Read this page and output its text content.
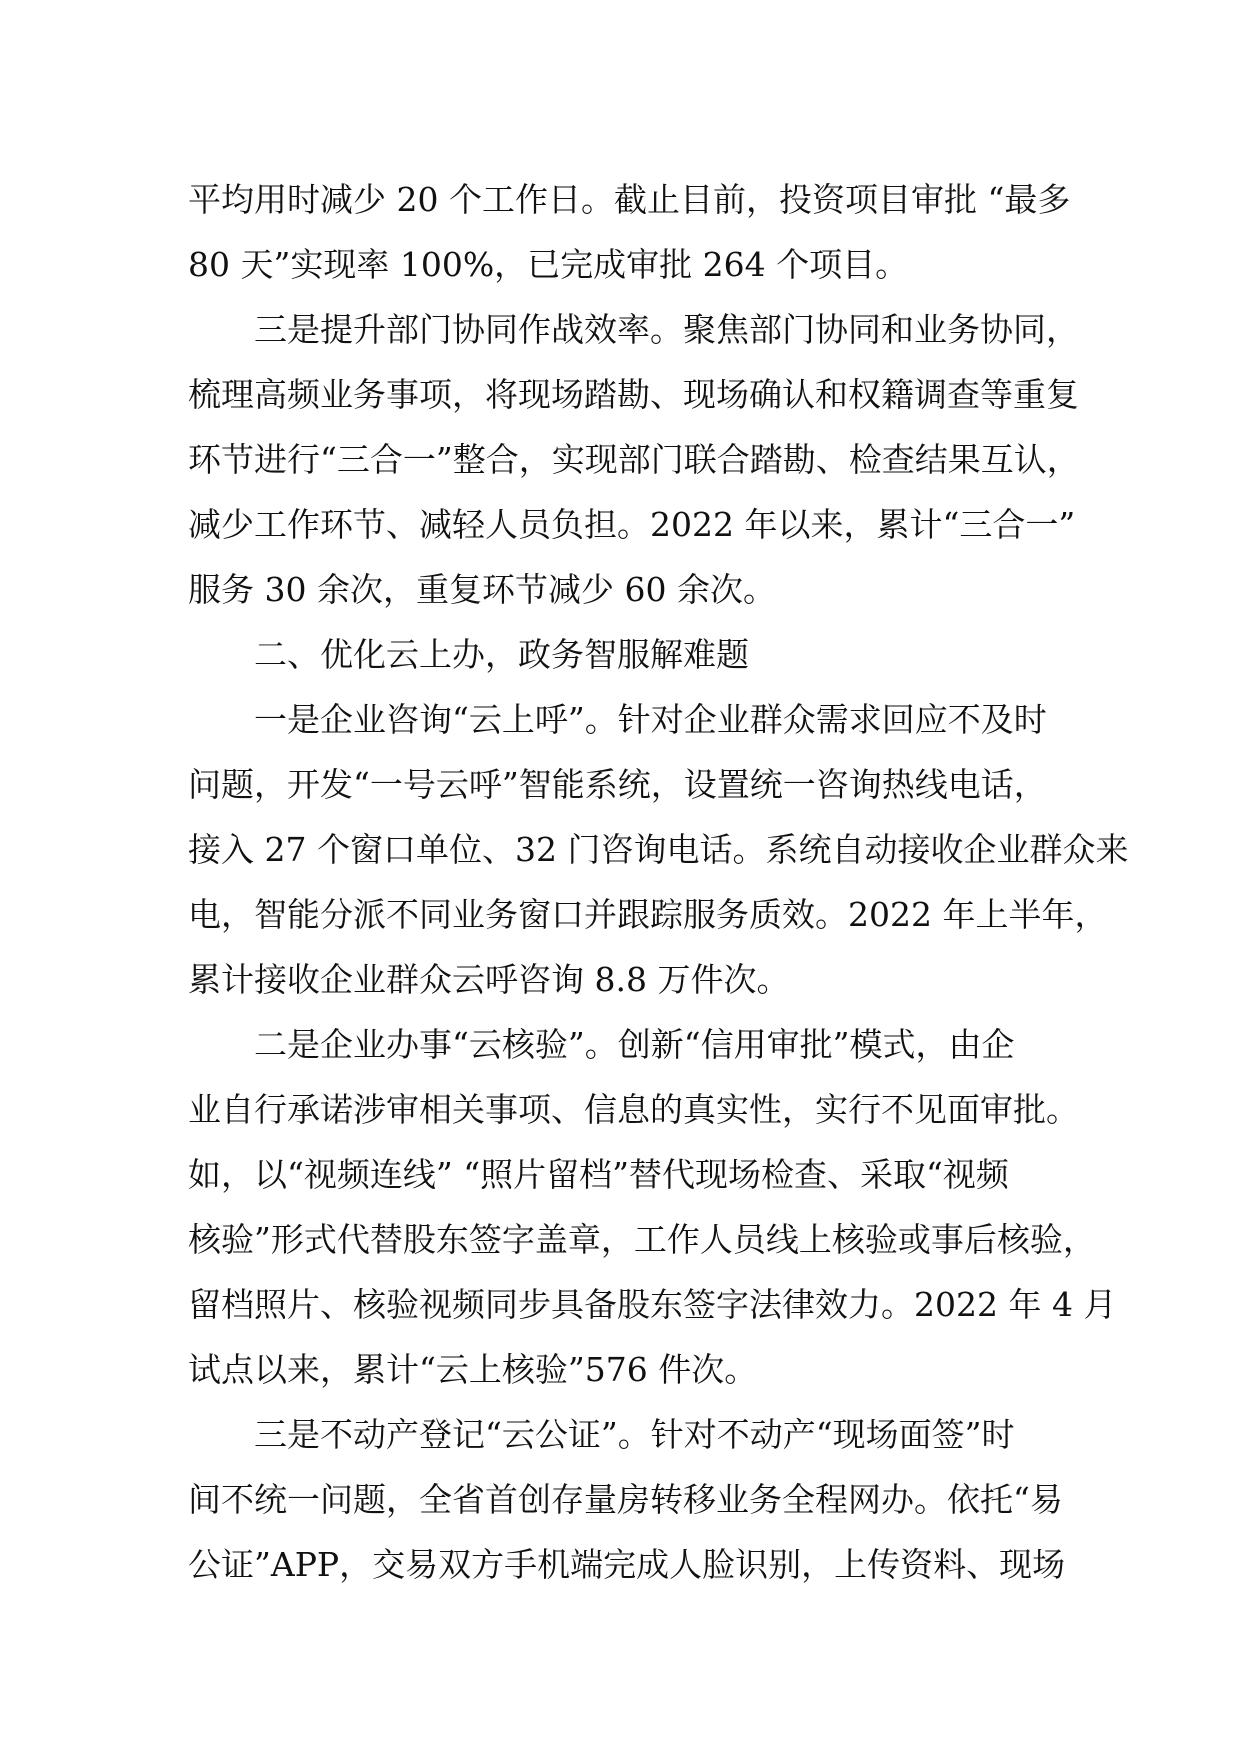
平均用时减少 20 个工作日。截止目前，投资项目审批 “最多
80 天”实现率 100%，已完成审批 264 个项目。
三是提升部门协同作战效率。聚焦部门协同和业务协同，
梳理高频业务事项，将现场踏勘、现场确认和权籍调查等重复
环节进行“三合一”整合，实现部门联合踏勘、检查结果互认，
减少工作环节、减轻人员负担。2022 年以来，累计“三合一”
服务 30 余次，重复环节减少 60 余次。
二、优化云上办，政务智服解难题
一是企业咨询“云上呼”。针对企业群众需求回应不及时
问题，开发“一号云呼”智能系统，设置统一咨询热线电话，
接入 27 个窗口单位、32 门咨询电话。系统自动接收企业群众来
电，智能分派不同业务窗口并跟踪服务质效。2022 年上半年，
累计接收企业群众云呼咨询 8.8 万件次。
二是企业办事“云核验”。创新“信用审批”模式，由企
业自行承诺涉审相关事项、信息的真实性，实行不见面审批。
如，以“视频连线” “照片留档”替代现场检查、采取“视频
核验”形式代替股东签字盖章，工作人员线上核验或事后核验，
留档照片、核验视频同步具备股东签字法律效力。2022 年 4 月
试点以来，累计“云上核验”576 件次。
三是不动产登记“云公证”。针对不动产“现场面签”时
间不统一问题，全省首创存量房转移业务全程网办。依托“易
公证”APP，交易双方手机端完成人脸识别，上传资料、现场
